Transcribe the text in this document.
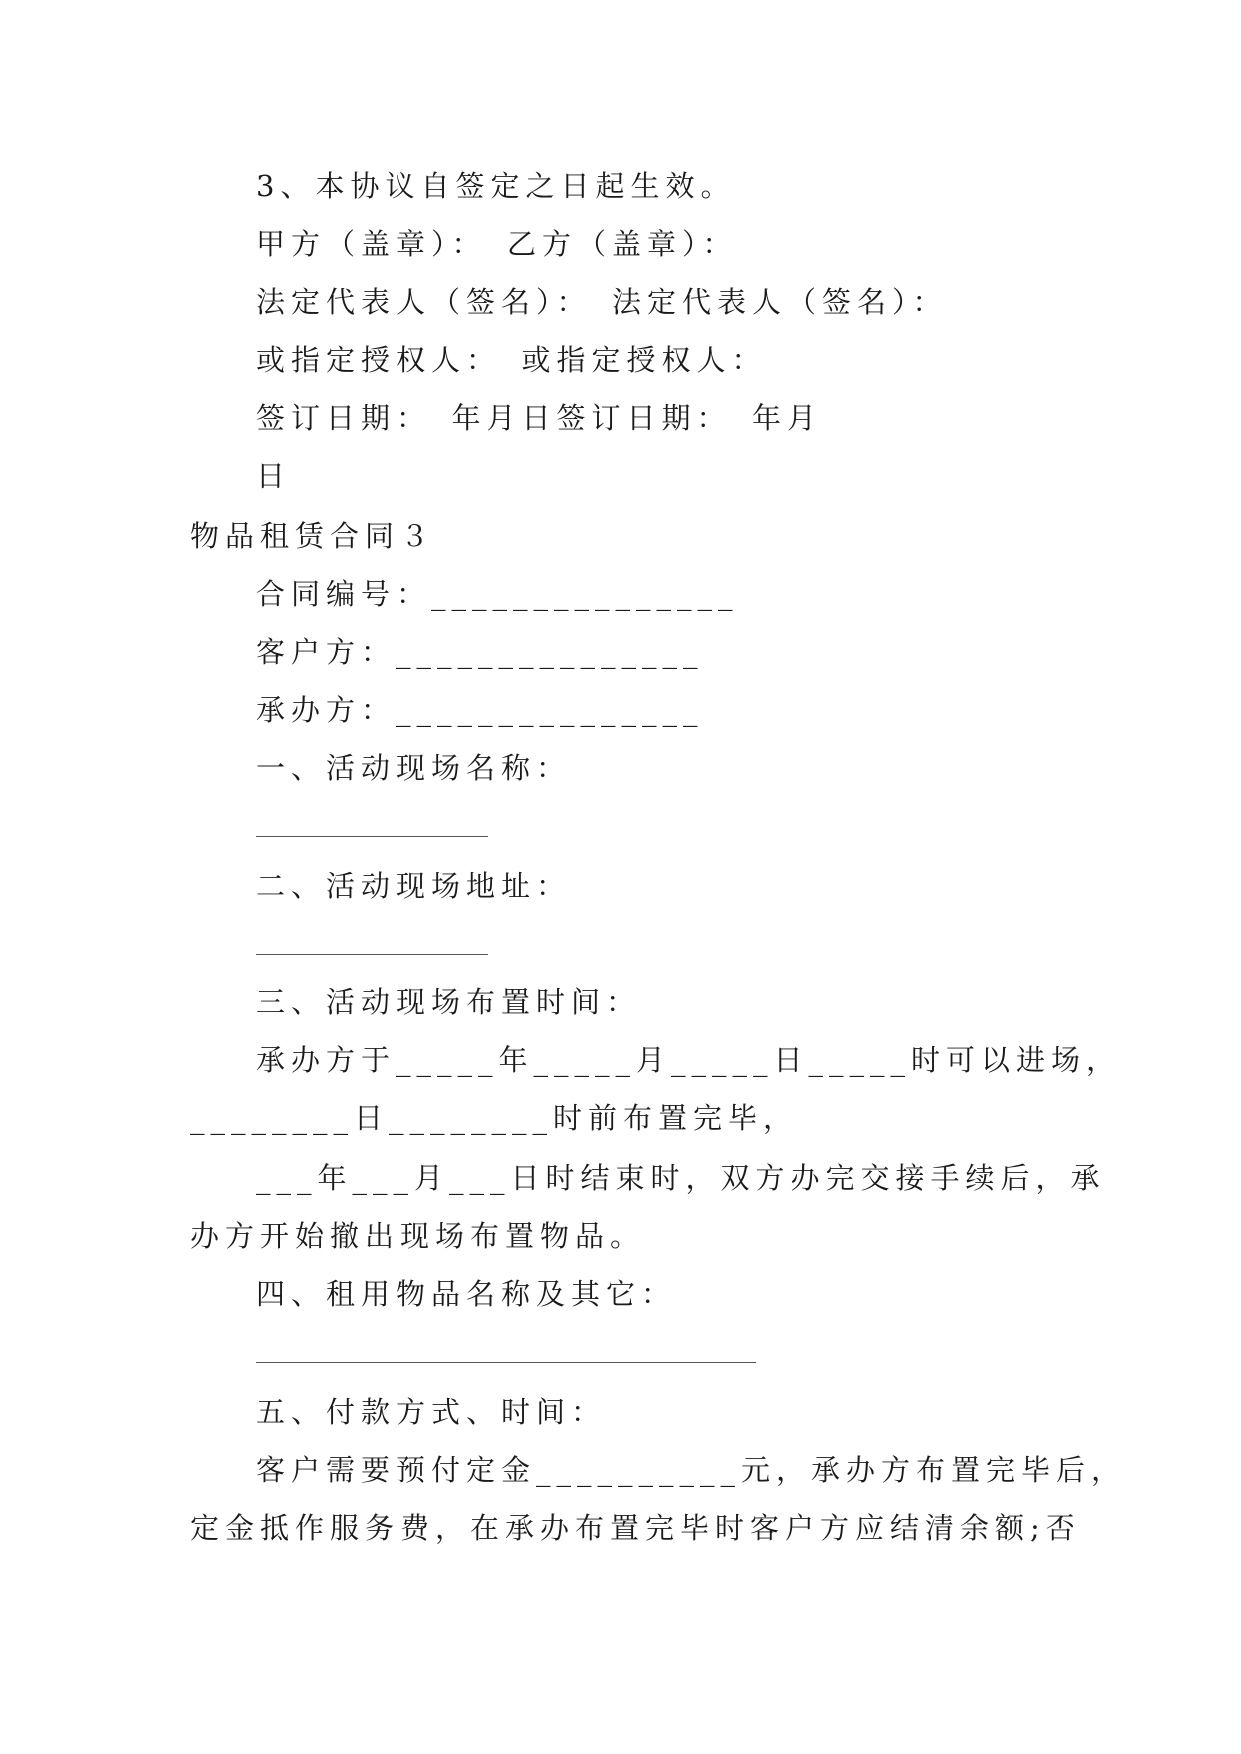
3、本协议自签定之日起生效。
甲方（盖章）：　乙方（盖章）：
法定代表人（签名）：　法定代表人（签名）：
或指定授权人：　或指定授权人：
签订日期：　年月日签订日期：　年月
日
物品租赁合同３
合同编号：_______________
客户方：_______________
承办方：_______________
一、活动现场名称：
二、活动现场地址：
三、活动现场布置时间：
承办方于_____年_____月_____日_____时可以进场，
________日________时前布置完毕，
___年___月___日时结束时，双方办完交接手续后，承
办方开始撤出现场布置物品。
四、租用物品名称及其它：
五、付款方式、时间：
客户需要预付定金__________元，承办方布置完毕后，
定金抵作服务费，在承办布置完毕时客户方应结清余额;否
